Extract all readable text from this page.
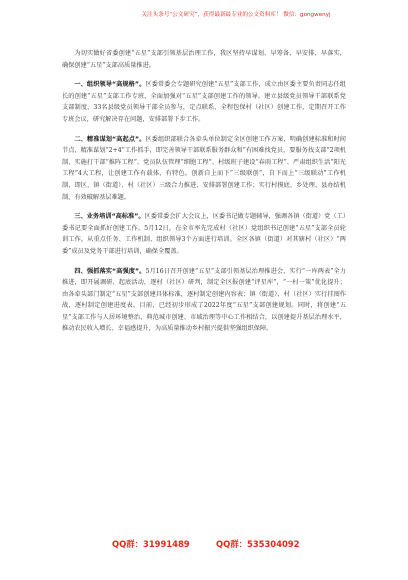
关注头条号“公文研究”，获得最新最专业的公文资料库！ 微信：gongwenyj

为切实做好省委创建“五星”支部引领基层治理工作，我区坚持早谋划、早筹备、早安排、早落实，确保创建“五星”支部高质量推进。

一、组织领导“高规格”。区委常委会专题研究创建“五星”支部工作，成立由区委主要负责同志任组长的创建“五星”支部工作专班，全面加强对“五星”支部创建工作的领导。建立县级党员领导干部联系党支部制度，33名县级党员领导干部全员参与，定点联系、全程包保村（社区）创建工作，定期召开工作专班会议，研究解决存在问题，安排部署下步工作。

二、精准谋划“高起点”。区委组织部联合各牵头单位制定全区创建工作方案，明确创建标准和时间节点，精准谋划“2+4”工作抓手，即完善领导干部联系服务群众和“有困难找党员，要服务找支部”2项机制，实施打干部“推阵工程”、党员队伍管理“细胞工程”、村级班子建设“春雨工程”、严肃组织生活“阳光工程”4大工程，让创建工作有载体、有特色。创新自上而下“三级联创”，自下而上“三级联动”工作机制，即区、镇（街道）、村（社区）三级合力推进，安排部署创建工作；实行村摸底、乡处理、县办结机制，有效破解基层难题。

三、业务培训“高标准”。区委常委会扩大会议上，区委书记做专题辅导，强调各镇（街道）党（工）委书记要全面抓好创建工作。5月12日，在全市率先完成村（社区）党组织书记创建“五星”支部全员轮训工作，从重点任务、工作机制、组织领导3个方面进行培训。全区各镇（街道）对其辖村（社区）“两委”成员及党务干部进行培训，确保全覆盖。

四、强抓落实“高强度”。5月16日召开创建“五星”支部引领基层治理推进会，实行“一库两表”全力推进，即开展调研、起底活动，逐村（社区）研判，制定全区报创建“评星库”，“一村一策”优化提升；由各牵头部门制定“五星”支部创建具体标准，逐村制定创建内容表；镇（街道）、村（社区）实行挂图作战，逐村制定创建进度表。目前，已经初步形成了2022年度“五星”支部创建规划。同时，将创建“五星”支部工作与人居环境整治、典范城市创建、市域治理等中心工作相结合，以创建提升基层治理水平，推动农民收入增长、幸福感提升，为高质量推动乡村振兴提供坚强组织保障。

QQ群：31991489	QQ群：535304092
